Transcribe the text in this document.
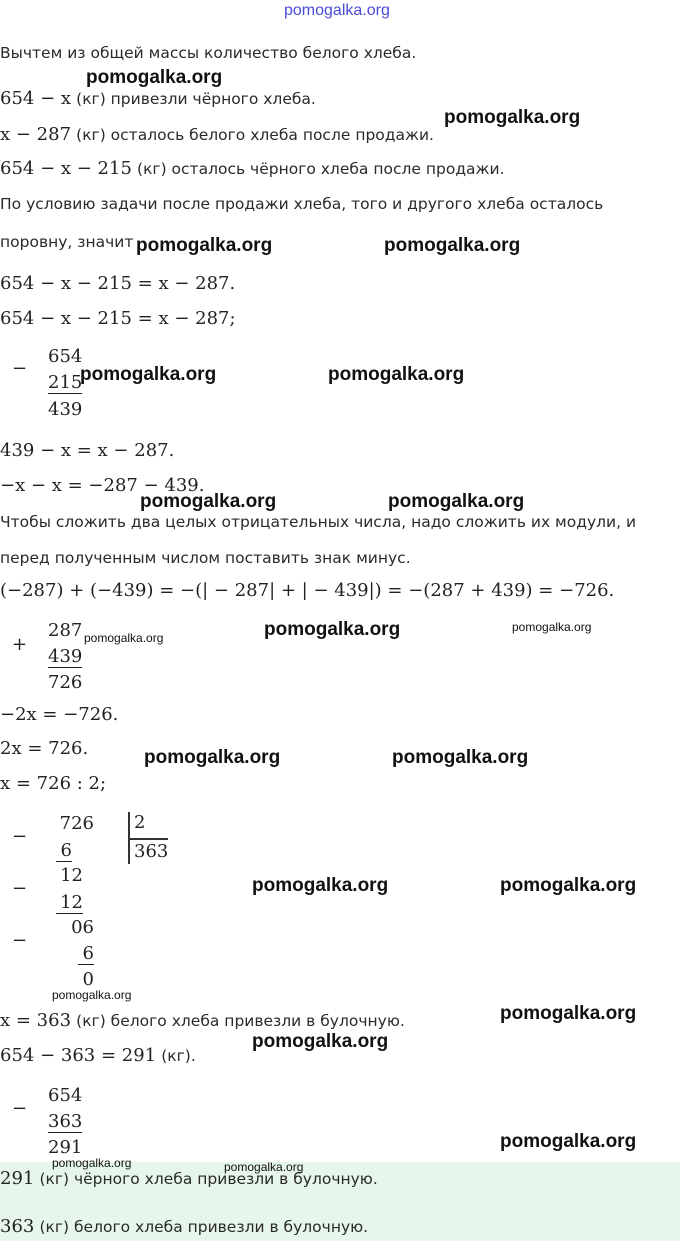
pomogalka.org
Вычтем из общей массы количество белого хлеба.
pomogalka.org
654 − x (кг) привезли чёрного хлеба.
pomogalka.org
x − 287 (кг) осталось белого хлеба после продажи.
654 − x − 215 (кг) осталось чёрного хлеба после продажи.
По условию задачи после продажи хлеба, того и другого хлеба осталось
поровну, значит pomogalka.org	pomogalka.org
654 − x − 215 = x − 287.
654 − x − 215 = x − 287;
−
654
215
439
pomogalka.org	pomogalka.org
439 − x = x − 287.
−x − x = −287 − 439.
pomogalka.org	pomogalka.org
Чтобы сложить два целых отрицательных числа, надо сложить их модули, и
перед полученным числом поставить знак минус.
(−287) + (−439) = −(| − 287| + | − 439|) = −(287 + 439) = −726.
+
287
439
726
pomogalka.org	pomogalka.org	pomogalka.org
−2x = −726.
2x = 726.	pomogalka.org	pomogalka.org
x = 726 : 2;
−
726
6
2
363
−
12
12
−
06
6
0
pomogalka.org	pomogalka.org
pomogalka.org
x = 363 (кг) белого хлеба привезли в булочную.	pomogalka.org
654 − 363 = 291 (кг).
pomogalka.org
−
654
363
291	pomogalka.org
291 (кг) чёрного хлеба привезли в булочную.
363 (кг) белого хлеба привезли в булочную.
pomogalka.org	pomogalka.org
